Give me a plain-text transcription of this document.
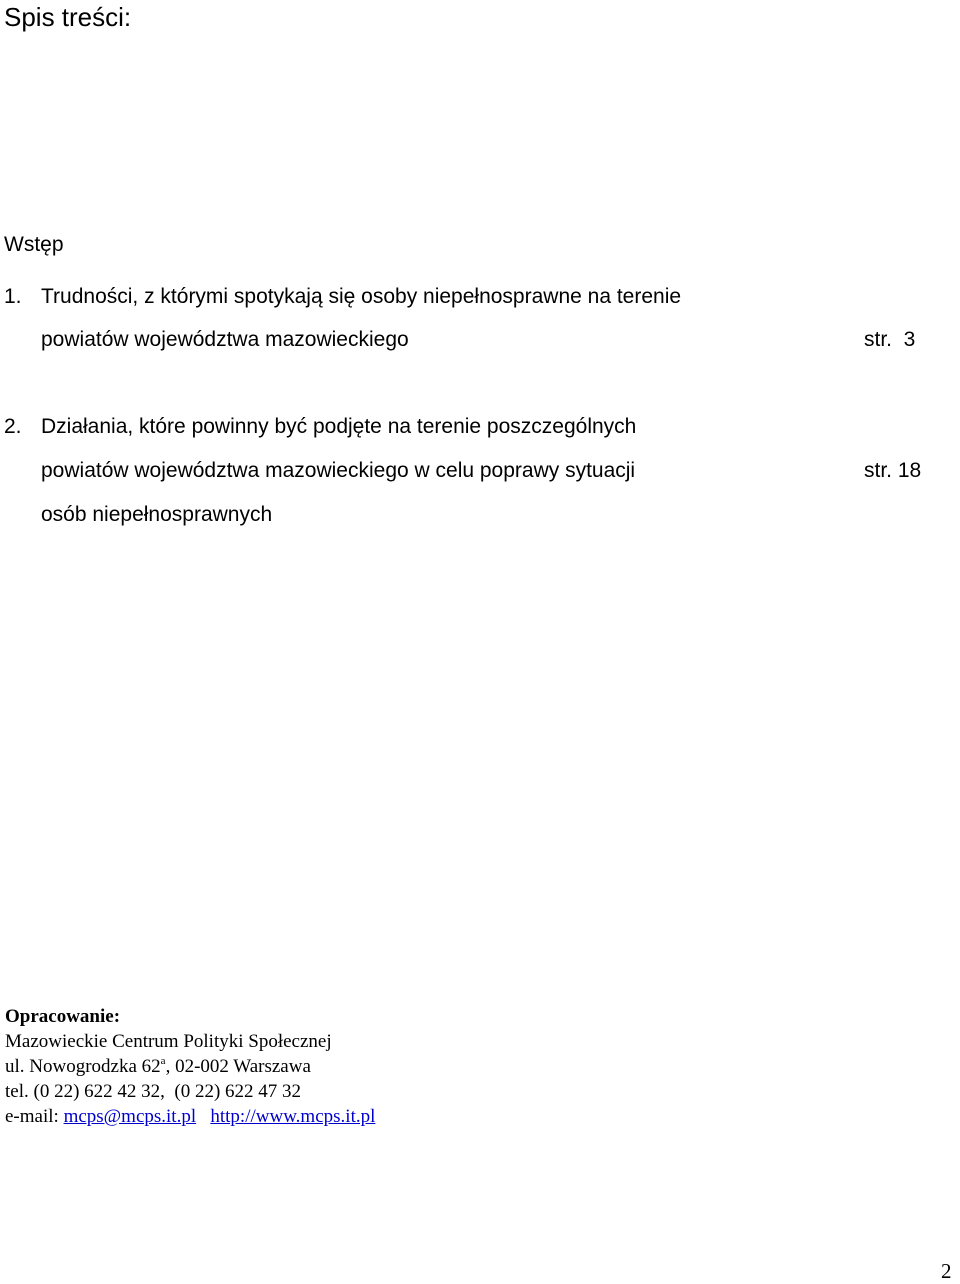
Spis treści:
Wstęp
1. Trudności, z którymi spotykają się osoby niepełnosprawne na terenie
powiatów województwa mazowieckiego	str.  3
2. Działania, które powinny być podjęte na terenie poszczególnych
powiatów województwa mazowieckiego w celu poprawy sytuacji	str. 18
osób niepełnosprawnych
Opracowanie:
Mazowieckie Centrum Polityki Społecznej
ul. Nowogrodzka 62$^a$, 02-002 Warszawa
tel. (0 22) 622 42 32,  (0 22) 622 47 32
e-mail: mcps@mcps.it.pl http://www.mcps.it.pl
2
